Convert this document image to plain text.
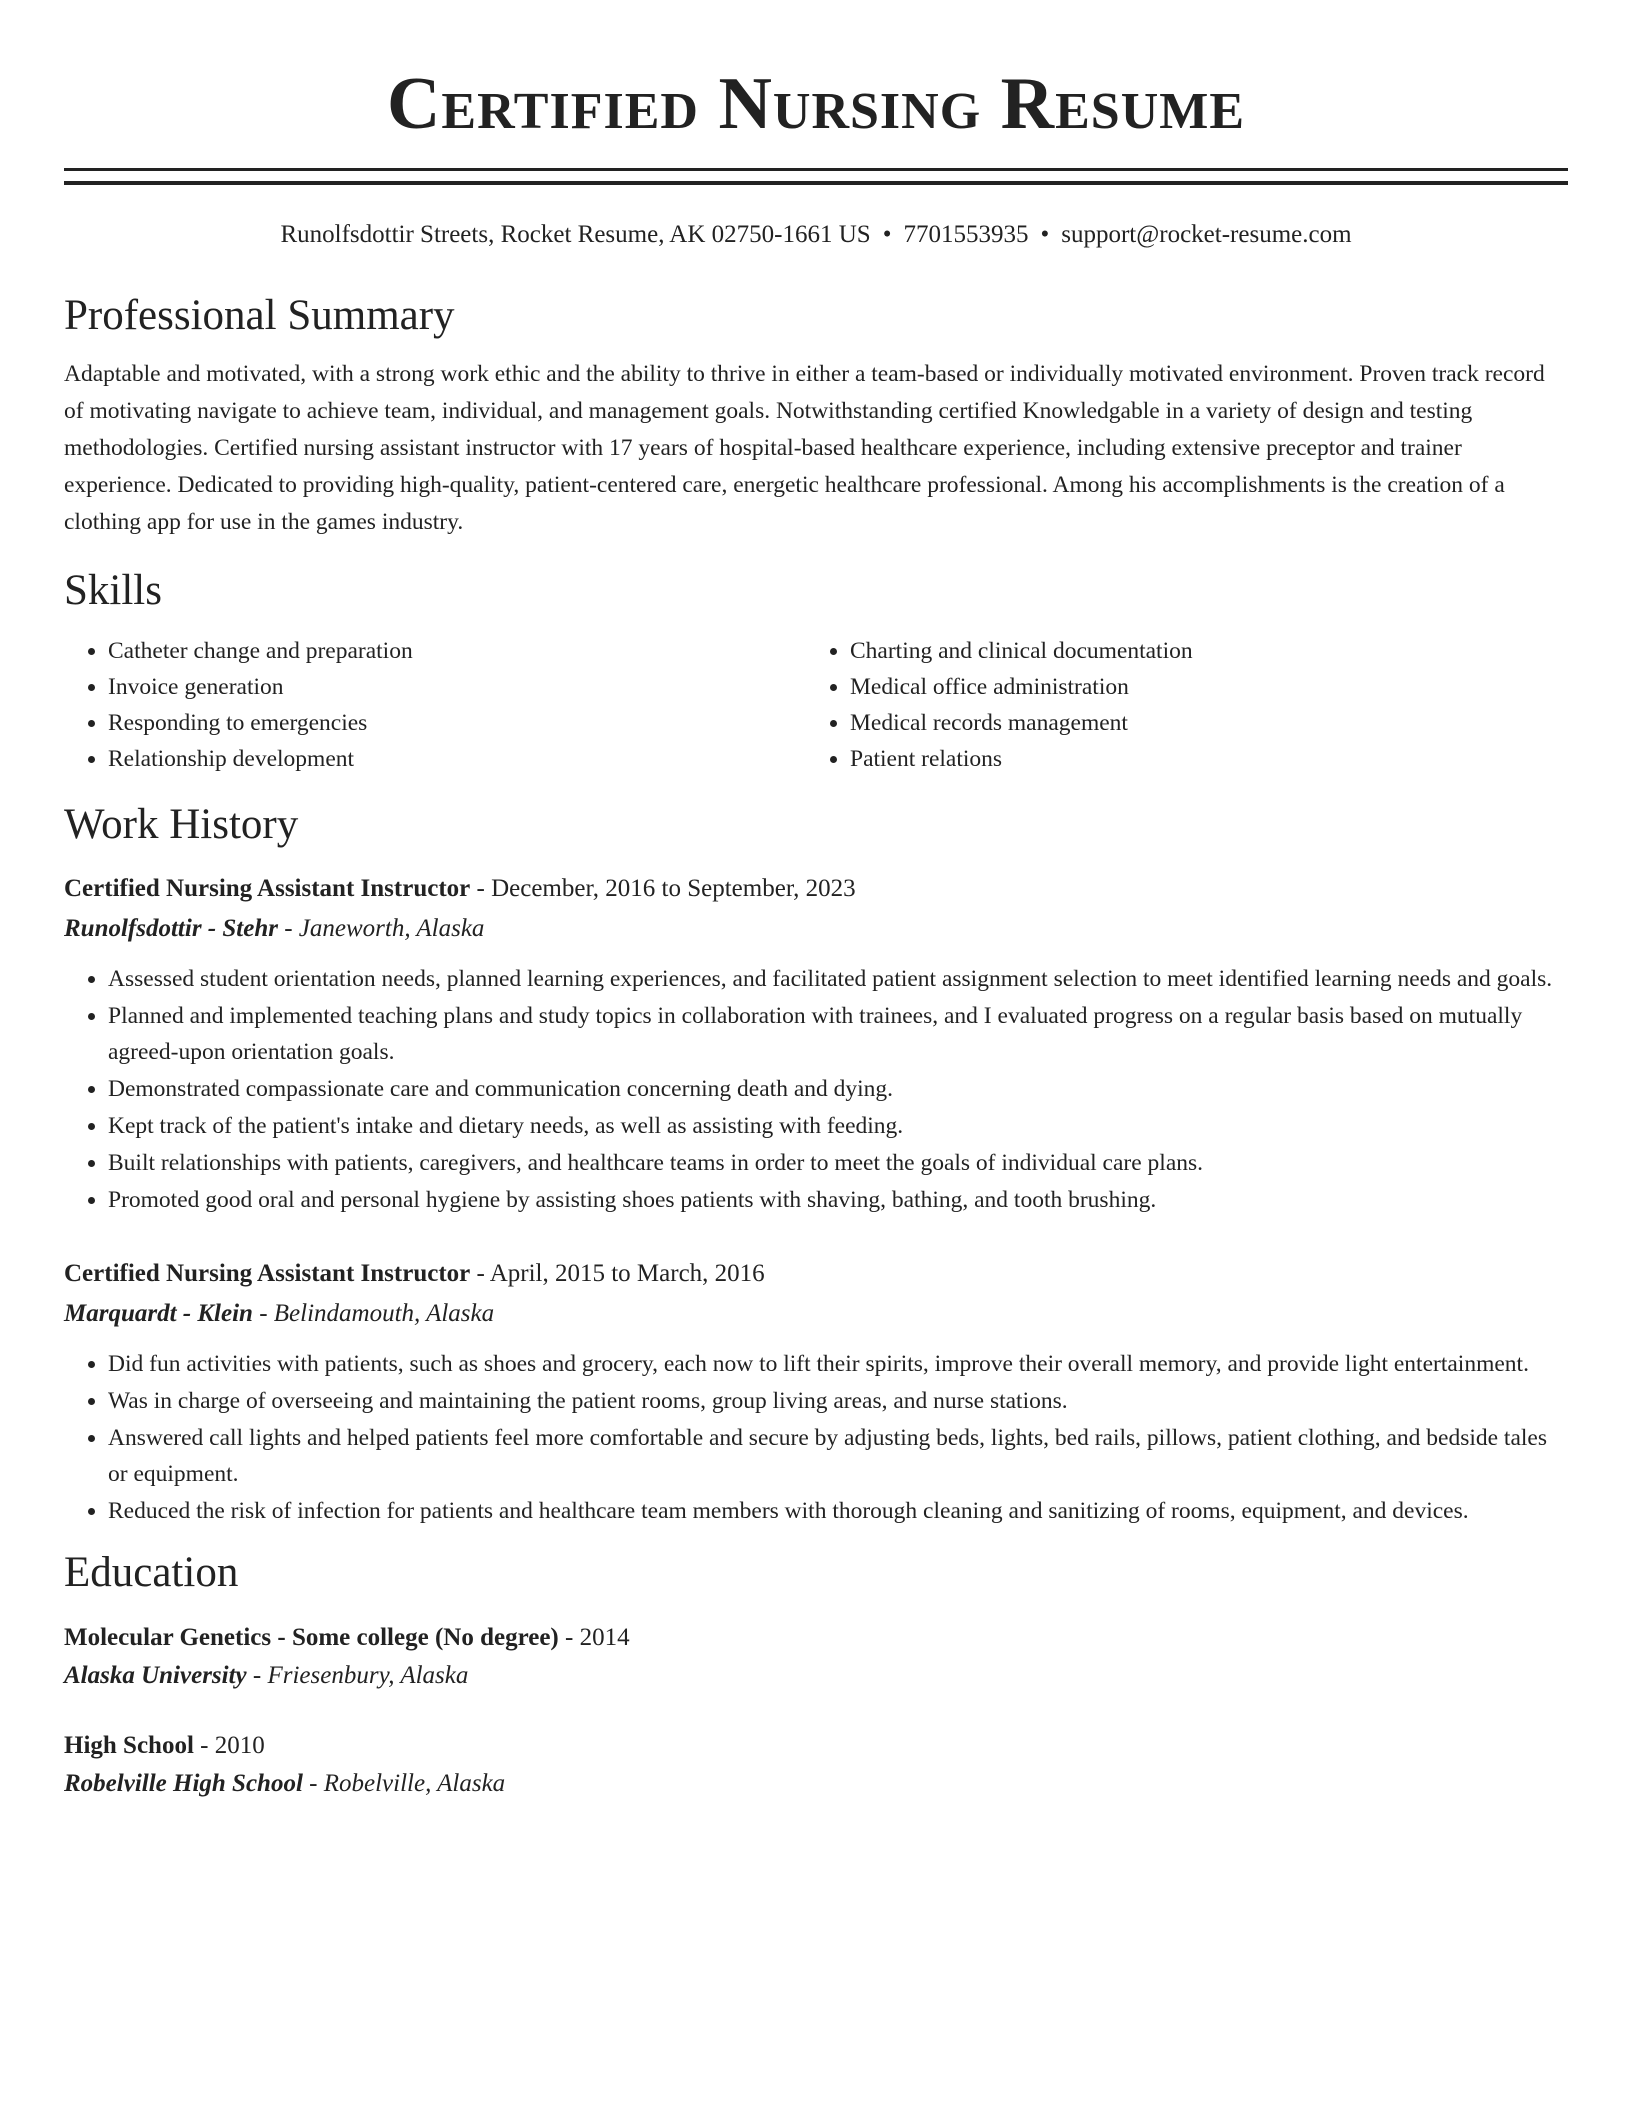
Certified Nursing Resume
Runolfsdottir Streets, Rocket Resume, AK 02750-1661 US • 7701553935 • support@rocket-resume.com
Professional Summary

Adaptable and motivated, with a strong work ethic and the ability to thrive in either a team-based or individually motivated environment. Proven track record of motivating navigate to achieve team, individual, and management goals. Notwithstanding certified Knowledgable in a variety of design and testing methodologies. Certified nursing assistant instructor with 17 years of hospital-based healthcare experience, including extensive preceptor and trainer experience. Dedicated to providing high-quality, patient-centered care, energetic healthcare professional. Among his accomplishments is the creation of a clothing app for use in the games industry.

Skills
• Catheter change and preparation
• Invoice generation
• Responding to emergencies
• Relationship development
• Charting and clinical documentation
• Medical office administration
• Medical records management
• Patient relations
Work History
Certified Nursing Assistant Instructor - December, 2016 to September, 2023
Runolfsdottir - Stehr - Janeworth, Alaska
• Assessed student orientation needs, planned learning experiences, and facilitated patient assignment selection to meet identified learning needs and goals.
• Planned and implemented teaching plans and study topics in collaboration with trainees, and I evaluated progress on a regular basis based on mutually agreed-upon orientation goals.
• Demonstrated compassionate care and communication concerning death and dying.
• Kept track of the patient's intake and dietary needs, as well as assisting with feeding.
• Built relationships with patients, caregivers, and healthcare teams in order to meet the goals of individual care plans.
• Promoted good oral and personal hygiene by assisting shoes patients with shaving, bathing, and tooth brushing.
Certified Nursing Assistant Instructor - April, 2015 to March, 2016
Marquardt - Klein - Belindamouth, Alaska
• Did fun activities with patients, such as shoes and grocery, each now to lift their spirits, improve their overall memory, and provide light entertainment.
• Was in charge of overseeing and maintaining the patient rooms, group living areas, and nurse stations.
• Answered call lights and helped patients feel more comfortable and secure by adjusting beds, lights, bed rails, pillows, patient clothing, and bedside tales or equipment.
• Reduced the risk of infection for patients and healthcare team members with thorough cleaning and sanitizing of rooms, equipment, and devices.
Education
Molecular Genetics - Some college (No degree) - 2014
Alaska University - Friesenbury, Alaska
High School - 2010
Robelville High School - Robelville, Alaska
